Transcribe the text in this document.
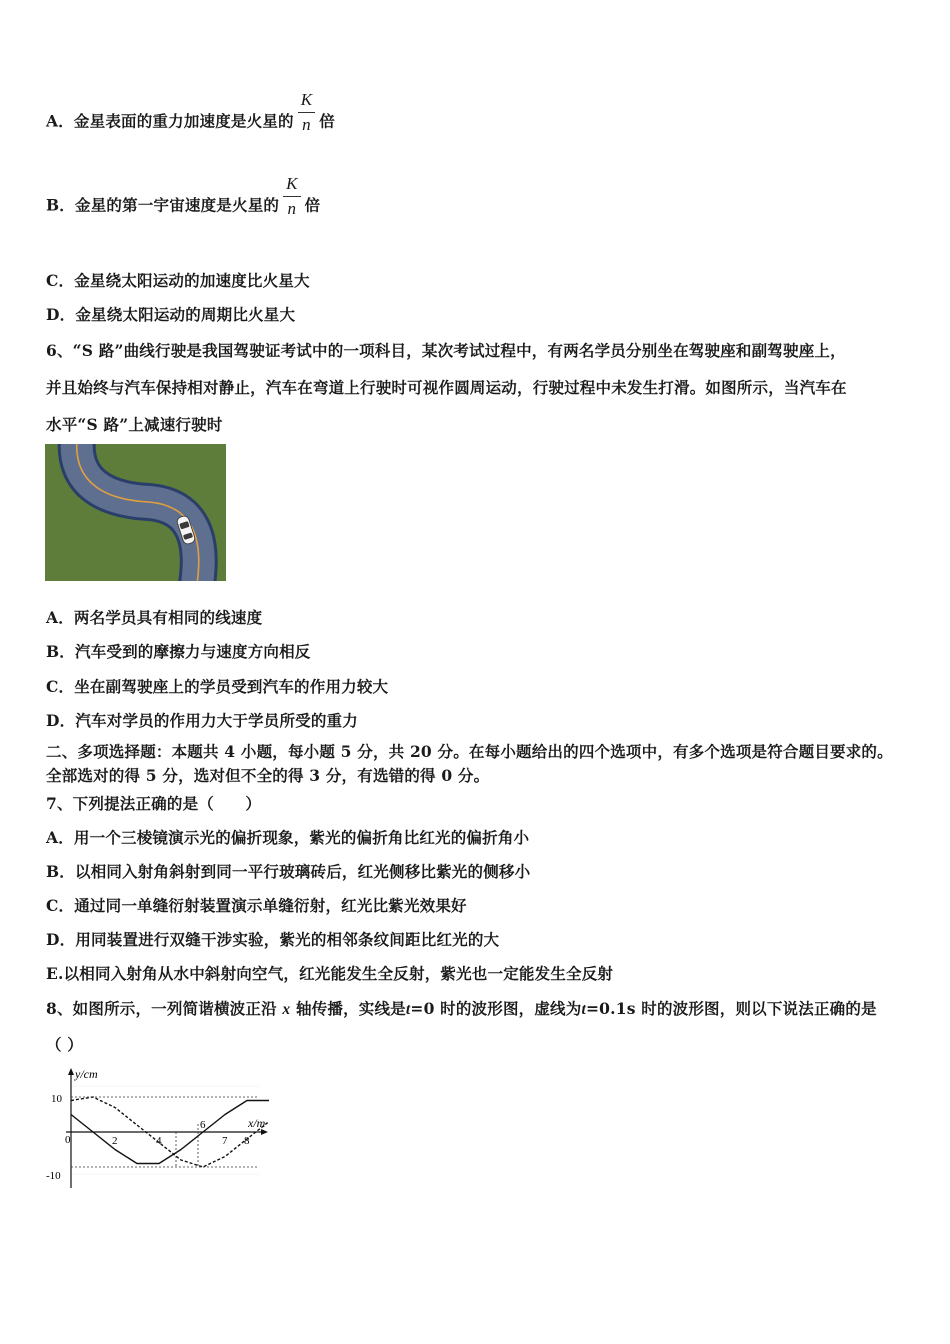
A．金星表面的重力加速度是火星的 $\frac{K}{n}$ 倍
B．金星的第一宇宙速度是火星的 $\frac{K}{n}$ 倍
C．金星绕太阳运动的加速度比火星大
D．金星绕太阳运动的周期比火星大
6、“S 路”曲线行驶是我国驾驶证考试中的一项科目，某次考试过程中，有两名学员分别坐在驾驶座和副驾驶座上，
并且始终与汽车保持相对静止，汽车在弯道上行驶时可视作圆周运动，行驶过程中未发生打滑。如图所示，当汽车在
水平“S 路”上减速行驶时
A．两名学员具有相同的线速度
B．汽车受到的摩擦力与速度方向相反
C．坐在副驾驶座上的学员受到汽车的作用力较大
D．汽车对学员的作用力大于学员所受的重力
二、多项选择题：本题共 4 小题，每小题 5 分，共 20 分。在每小题给出的四个选项中，有多个选项是符合题目要求的。全部选对的得 5 分，选对但不全的得 3 分，有选错的得 0 分。
7、下列提法正确的是（　　）
A．用一个三棱镜演示光的偏折现象，紫光的偏折角比红光的偏折角小
B．以相同入射角斜射到同一平行玻璃砖后，红光侧移比紫光的侧移小
C．通过同一单缝衍射装置演示单缝衍射，红光比紫光效果好
D．用同装置进行双缝干涉实验，紫光的相邻条纹间距比红光的大
E.以相同入射角从水中斜射向空气，红光能发生全反射，紫光也一定能发生全反射
8、如图所示，一列简谐横波正沿 x 轴传播，实线是t=0 时的波形图，虚线为t=0.1s 时的波形图，则以下说法正确的是
（ ）
y/cm
x/m
10
-10
0	2	4
6
7 8
